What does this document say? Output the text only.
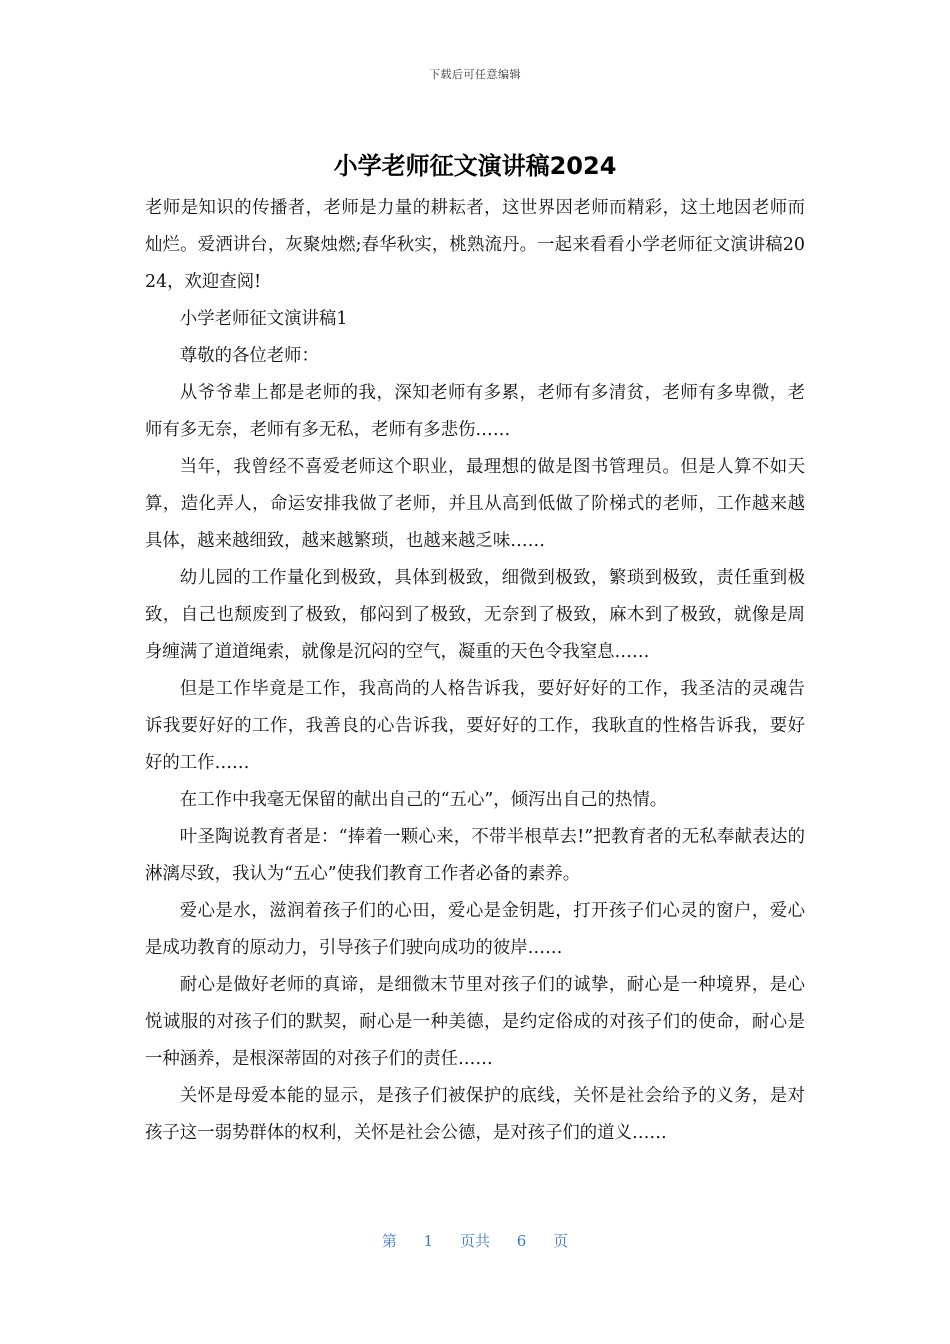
下载后可任意编辑
小学老师征文演讲稿2024

老师是知识的传播者，老师是力量的耕耘者，这世界因老师而精彩，这土地因老师而灿烂。爱洒讲台，灰聚烛燃;春华秋实，桃熟流丹。一起来看看小学老师征文演讲稿2024，欢迎查阅!

小学老师征文演讲稿1

尊敬的各位老师：

从爷爷辈上都是老师的我，深知老师有多累，老师有多清贫，老师有多卑微，老师有多无奈，老师有多无私，老师有多悲伤……

当年，我曾经不喜爱老师这个职业，最理想的做是图书管理员。但是人算不如天算，造化弄人，命运安排我做了老师，并且从高到低做了阶梯式的老师，工作越来越具体，越来越细致，越来越繁琐，也越来越乏味……

幼儿园的工作量化到极致，具体到极致，细微到极致，繁琐到极致，责任重到极致，自己也颓废到了极致，郁闷到了极致，无奈到了极致，麻木到了极致，就像是周身缠满了道道绳索，就像是沉闷的空气，凝重的天色令我窒息……

但是工作毕竟是工作，我高尚的人格告诉我，要好好好的工作，我圣洁的灵魂告诉我要好好的工作，我善良的心告诉我，要好好的工作，我耿直的性格告诉我，要好好的工作……

在工作中我毫无保留的献出自己的“五心”，倾泻出自己的热情。

叶圣陶说教育者是：“捧着一颗心来，不带半根草去!”把教育者的无私奉献表达的淋漓尽致，我认为“五心”使我们教育工作者必备的素养。

爱心是水，滋润着孩子们的心田，爱心是金钥匙，打开孩子们心灵的窗户，爱心是成功教育的原动力，引导孩子们驶向成功的彼岸……

耐心是做好老师的真谛，是细微末节里对孩子们的诚挚，耐心是一种境界，是心悦诚服的对孩子们的默契，耐心是一种美德，是约定俗成的对孩子们的使命，耐心是一种涵养，是根深蒂固的对孩子们的责任……

关怀是母爱本能的显示，是孩子们被保护的底线，关怀是社会给予的义务，是对孩子这一弱势群体的权利，关怀是社会公德，是对孩子们的道义……

第 1 页共 6 页
